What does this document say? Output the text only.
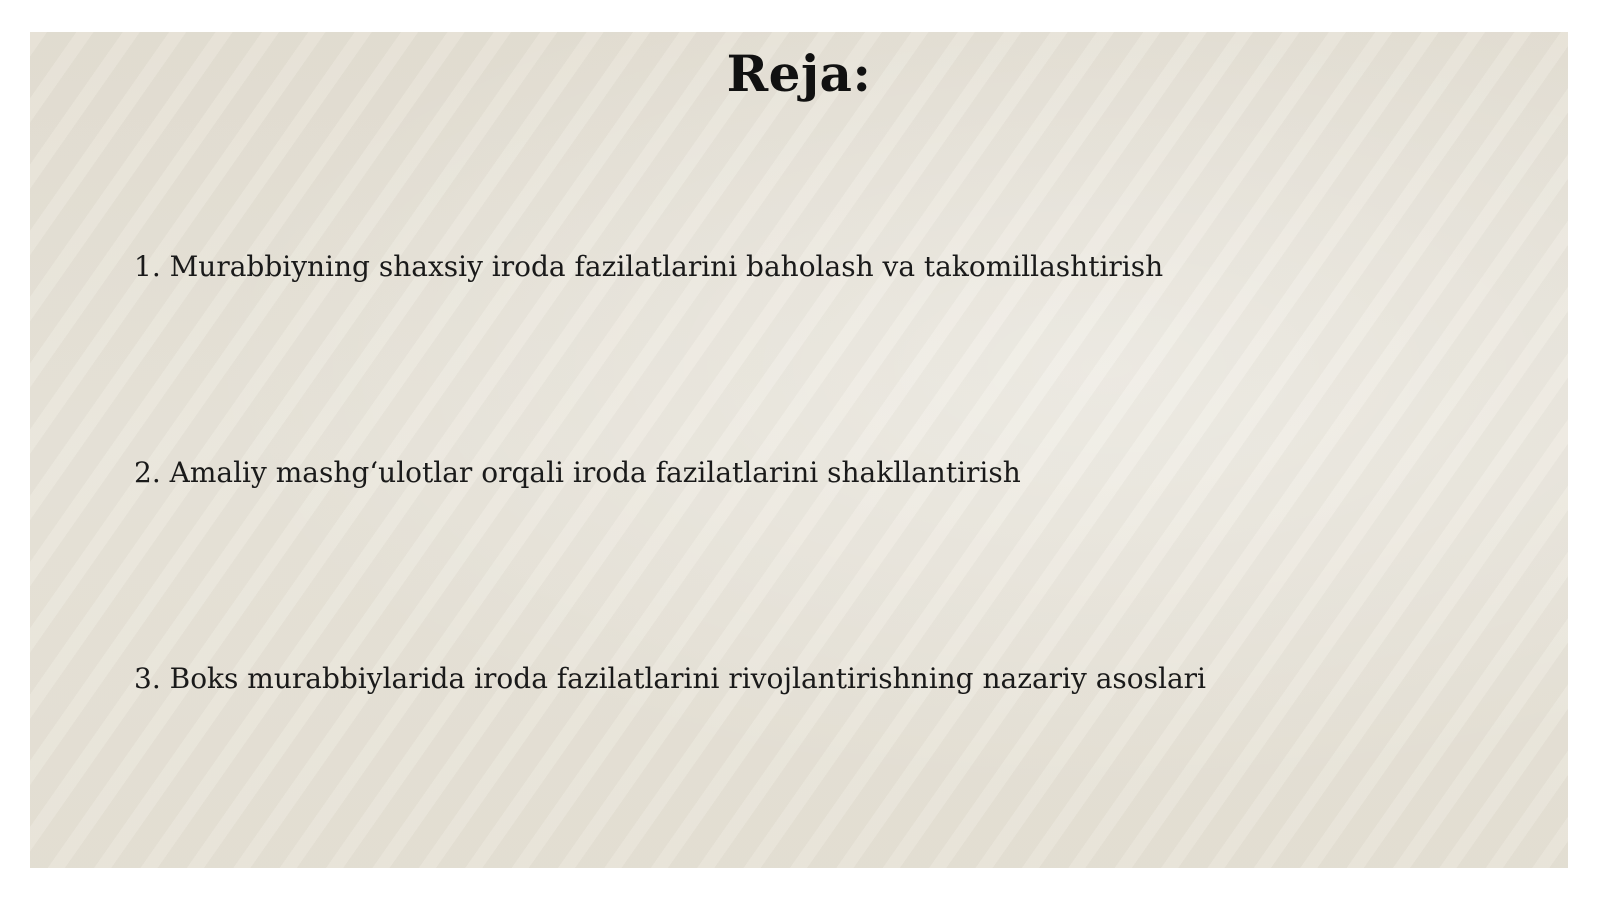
Reja:
1. Murabbiyning shaxsiy iroda fazilatlarini baholash va takomillashtirish
2. Amaliy mashg‘ulotlar orqali iroda fazilatlarini shakllantirish
3. Boks murabbiylarida iroda fazilatlarini rivojlantirishning nazariy asoslari
